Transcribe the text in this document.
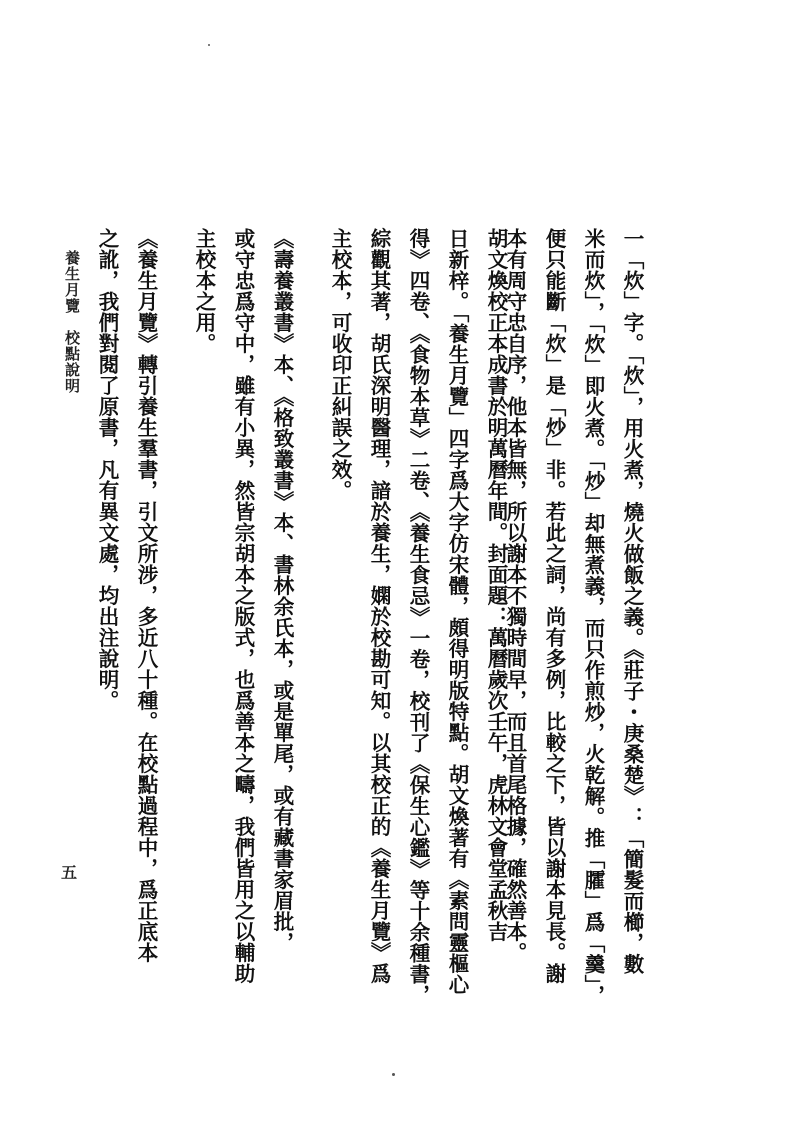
一「炊」字。「炊」，用火煮，燒火做飯之義。《莊子・庚桑楚》：「簡髮而櫛，數
米而炊」，「炊」即火煮。「炒」却無煮義，而只作煎炒，火乾解。推「臛」爲「羹」，
便只能斷「炊」是「炒」非。若此之詞，尚有多例，比較之下，皆以謝本見長。謝
本有周守忠自序，他本皆無，所以謝本不獨時間早，而且首尾格據，確然善本。
胡文煥校正本成書於明萬曆年間。封面題：萬曆歲次壬午，虎林文會堂孟秋吉
日新梓。「養生月覽」四字爲大字仿宋體，頗得明版特點。胡文煥著有《素問靈樞心
得》四卷、《食物本草》二卷、《養生食忌》一卷，校刊了《保生心鑑》等十余種書，
綜觀其著，胡氏深明醫理，諳於養生，嫻於校勘可知。以其校正的《養生月覽》爲
主校本，可收印正糾誤之效。
《壽養叢書》本、《格致叢書》本、書林余氏本，或是單尾，或有藏書家眉批，
或守忠爲守中，雖有小異，然皆宗胡本之版式，也爲善本之疇，我們皆用之以輔助
主校本之用。
《養生月覽》轉引養生羣書，引文所涉，多近八十種。在校點過程中，爲正底本
之訛，我們對閱了原書，凡有異文處，均出注說明。
養生月覽　校點說明
五
